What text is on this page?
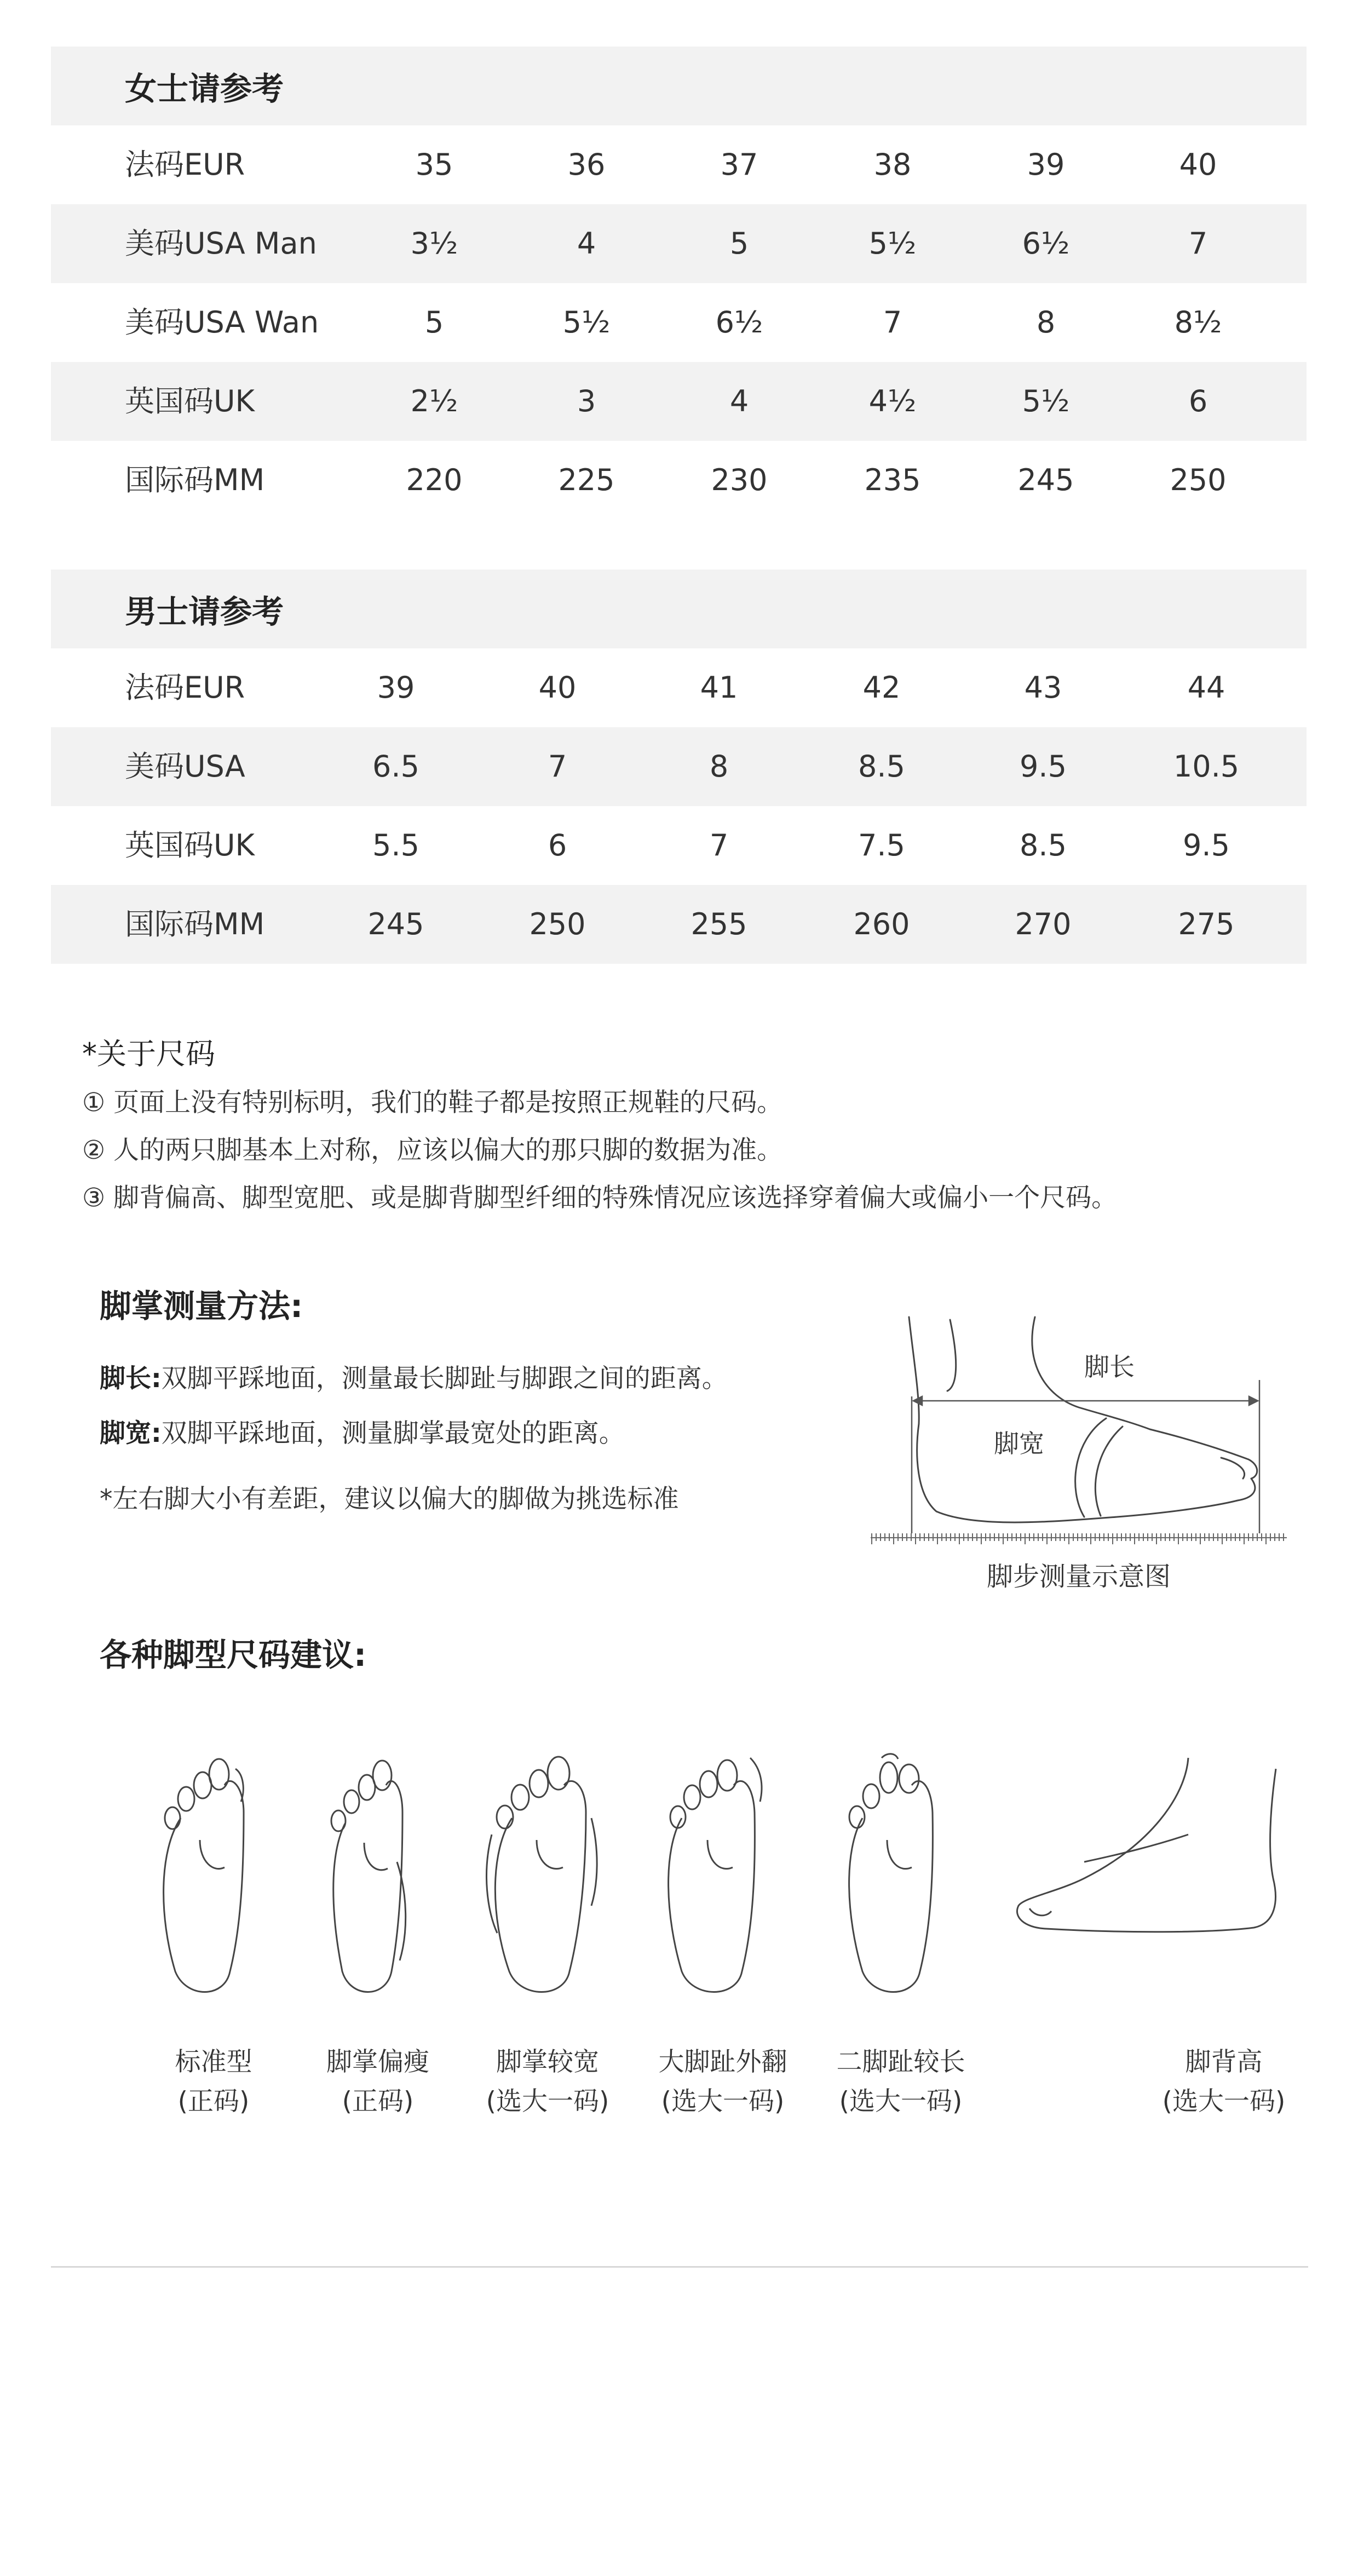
女士请参考
法码EUR	35	36	37	38	39	40
美码USA Man	3½	4	5	5½	6½	7
美码USA Wan	5	5½	6½	7	8	8½
英国码UK	2½	3	4	4½	5½	6
国际码MM	220	225	230	235	245	250
男士请参考
法码EUR	39	40	41	42	43	44
美码USA	6.5	7	8	8.5	9.5	10.5
英国码UK	5.5	6	7	7.5	8.5	9.5
国际码MM	245	250	255	260	270	275
*关于尺码
① 页面上没有特别标明，我们的鞋子都是按照正规鞋的尺码。
② 人的两只脚基本上对称，应该以偏大的那只脚的数据为准。
③ 脚背偏高、脚型宽肥、或是脚背脚型纤细的特殊情况应该选择穿着偏大或偏小一个尺码。
脚掌测量方法:
脚长:双脚平踩地面，测量最长脚趾与脚跟之间的距离。
脚宽:双脚平踩地面，测量脚掌最宽处的距离。
*左右脚大小有差距，建议以偏大的脚做为挑选标准
脚长
脚宽
脚步测量示意图
各种脚型尺码建议:
标准型
(正码)
脚掌偏瘦
(正码)
脚掌较宽
(选大一码)
大脚趾外翻
(选大一码)
二脚趾较长
(选大一码)
脚背高
(选大一码)
